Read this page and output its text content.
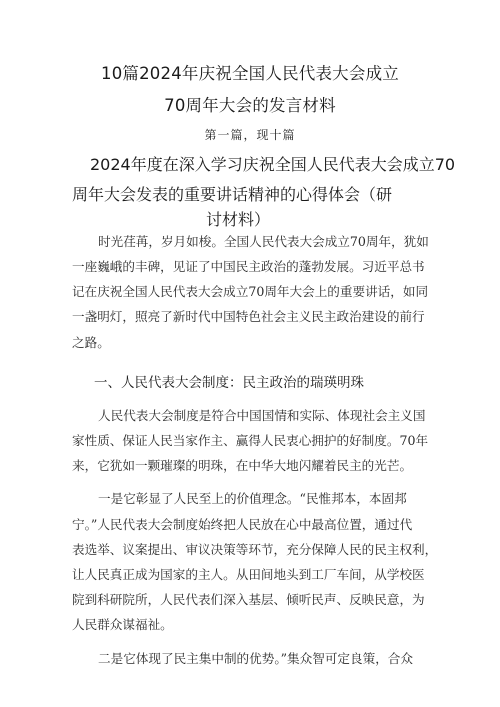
10篇2024年庆祝全国人民代表大会成立
70周年大会的发言材料
第一篇，现十篇
2024年度在深入学习庆祝全国人民代表大会成立70
周年大会发表的重要讲话精神的心得体会（研
讨材料）
时光荏苒，岁月如梭。全国人民代表大会成立70周年，犹如
一座巍峨的丰碑，见证了中国民主政治的蓬勃发展。习近平总书
记在庆祝全国人民代表大会成立70周年大会上的重要讲话，如同
一盏明灯，照亮了新时代中国特色社会主义民主政治建设的前行
之路。
一、人民代表大会制度：民主政治的瑞瑛明珠
人民代表大会制度是符合中国国情和实际、体现社会主义国
家性质、保证人民当家作主、赢得人民衷心拥护的好制度。70年
来，它犹如一颗璀璨的明珠，在中华大地闪耀着民主的光芒。
一是它彰显了人民至上的价值理念。“民惟邦本，本固邦
宁。”人民代表大会制度始终把人民放在心中最高位置，通过代
表选举、议案提出、审议决策等环节，充分保障人民的民主权利，
让人民真正成为国家的主人。从田间地头到工厂车间，从学校医
院到科研院所，人民代表们深入基层、倾听民声、反映民意，为
人民群众谋福祉。
二是它体现了民主集中制的优势。”集众智可定良策，合众
